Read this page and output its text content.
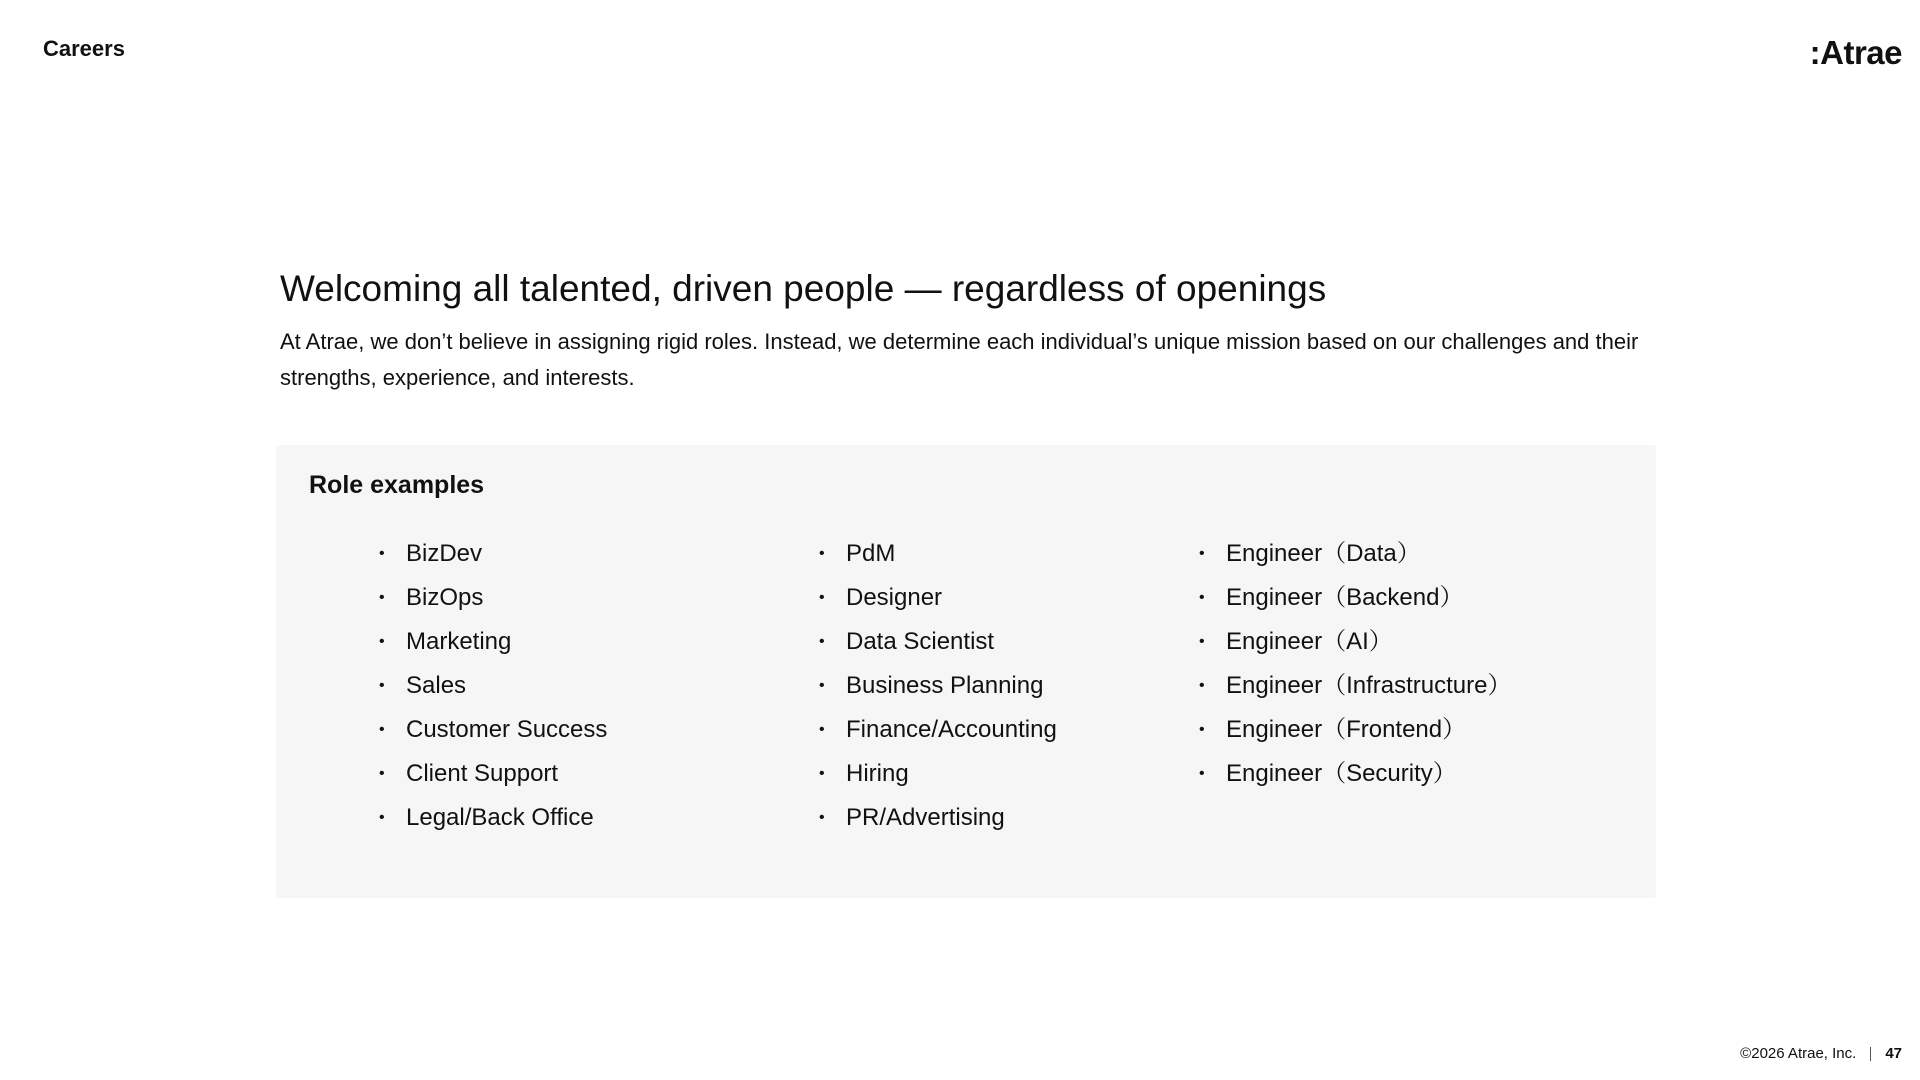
Careers	:Atrae
Welcoming all talented, driven people — regardless of openings

At Atrae, we don’t believe in assigning rigid roles. Instead, we determine each individual’s unique mission based on our challenges and their strengths, experience, and interests.

Role examples
• BizDev
• BizOps
• Marketing
• Sales
• Customer Success
• Client Support
• Legal/Back Office
• PdM
• Designer
• Data Scientist
• Business Planning
• Finance/Accounting
• Hiring
• PR/Advertising
• Engineer（Data）
• Engineer（Backend）
• Engineer（AI）
• Engineer（Infrastructure）
• Engineer（Frontend）
• Engineer（Security）
©2026 Atrae, Inc. 47
